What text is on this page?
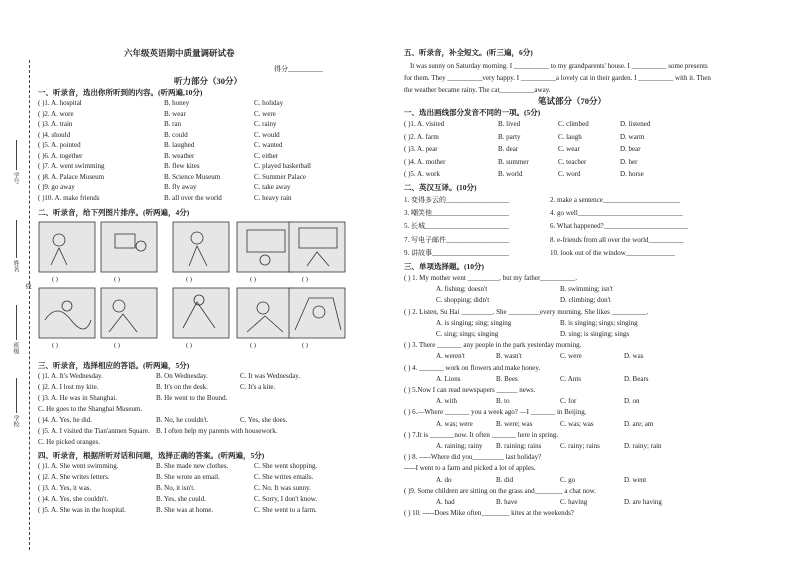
学号
姓名
线
班级
学校
六年级英语期中质量调研试卷
得分__________
听力部分（30分）
一、听录音，选出你所听到的内容。(听两遍,10分)
( )1. A. hospital	B. honey	C. holiday
( )2. A. wore	B. wear	C. were
( )3. A. train	B. ran	C. rainy
( )4. should	B. could	C. would
( )5. A. pointed	B. laughed	C. wanted
( )6. A. together	B. weather	C. either
( )7. A. went swimming	B. flew kites	C. played basketball
( )8. A. Palace Museum	B. Science Museum	C. Summer Palace
( )9. go away	B. fly away	C. take away
( )10. A. make friends	B. all over the world	C. heavy rain
二、听录音，给下列图片排序。(听两遍，4分)
( )	( )	( )	( )	( )
( )	( )	( )	( )	( )
三、听录音，选择相应的答语。(听两遍，5分)
( )1. A. It's Wednesday.	B. On Wednesday.	C. It was Wednesday.
( )2. A. I lost my kite.	B. It's on the desk.	C. It's a kite.
( )3. A. He was in Shanghai.	B. He went to the Bound.
C. He goes to the Shanghai Museum.
( )4. A. Yes, he did.	B. No, he couldn't.	C. Yes, she does.
( )5. A. I visited the Tian'anmen Square. B. I often help my parents with housework.
C. He picked oranges.
四、听录音，根据所听对话和问题，选择正确的答案。(听两遍，5分)
( )1. A. She went swimming.	B. She made new clothes.	C. She went shopping.
( )2. A. She writes letters.	B. She wrote an email.	C. She writes emails.
( )3. A. Yes, it was.	B. No, it isn't.	C. No. It was sunny.
( )4. A. Yes, she couldn't.	B. Yes, she could.	C. Sorry, I don't know.
( )5. A. She was in the hospital.	B. She was at home.	C. She went to a farm.
五、听录音，补全短文。(听三遍，6分)
It was sunny on Saturday morning. I __________ to my grandparents' house. I __________ some presents
for them. They __________very happy. I __________a lovely cat in their garden. I __________ with it. Then
the weather became rainy. The cat__________away.
笔试部分（70分）
一、选出画线部分发音不同的一项。(5分)
( )1. A. visited	B. lived	C. climbed	D. listened
( )2. A. farm	B. party	C. laugh	D. warm
( )3. A. pear	B. dear	C. wear	D. bear
( )4. A. mother	B. summer	C. teacher	D. her
( )5. A. work	B. world	C. word	D. horse
二、英汉互译。(10分)
1. 变得多云的__________________	2. make a sentence______________________
3. 嘲笑他______________________	4. go well______________________________
5. 长城________________________	6. What happened?________________________
7. 写电子邮件__________________	8. e-friends from all over the world__________
9. 讲故事______________________	10. look out of the window______________
三、单项选择题。(10分)
( ) 1. My mother went _________, but my father__________.
A. fishing; doesn't	B. swimming; isn't
C. shopping; didn't	D. climbing; don't
( ) 2. Listen, Su Hai _________. She _________every morning. She likes __________.
A. is singing; sing; singing	B. is singing; sings; singing
C. sing; sings; singing	D. sing; is singing; sings
( ) 3. There _______ any people in the park yesterday morning.
A. weren't	B. wasn't	C. were	D. was
( ) 4. _______ work on flowers and make honey.
A. Lions	B. Bees	C. Ants	D. Bears
( ) 5.Now I can read newspapers ______ news.
A. with	B. to	C. for	D. on
( ) 6.—Where _______ you a week ago? —I _______ in Beijing.
A. was; were	B. were; was	C. was; was	D. are; am
( ) 7.It is _______now. It often _______ here in spring.
A. raining; rainy B. raining; rains	C. rainy; rains	D. rainy; rain
( ) 8. -----Where did you_________ last holiday?
-----I went to a farm and picked a lot of apples.
A. do	B. did	C. go	D. went
( )9. Some children are sitting on the grass and________ a chat now.
A. had	B. have	C. having	D. are having
( ) 10. -----Does Mike often________ kites at the weekends?
